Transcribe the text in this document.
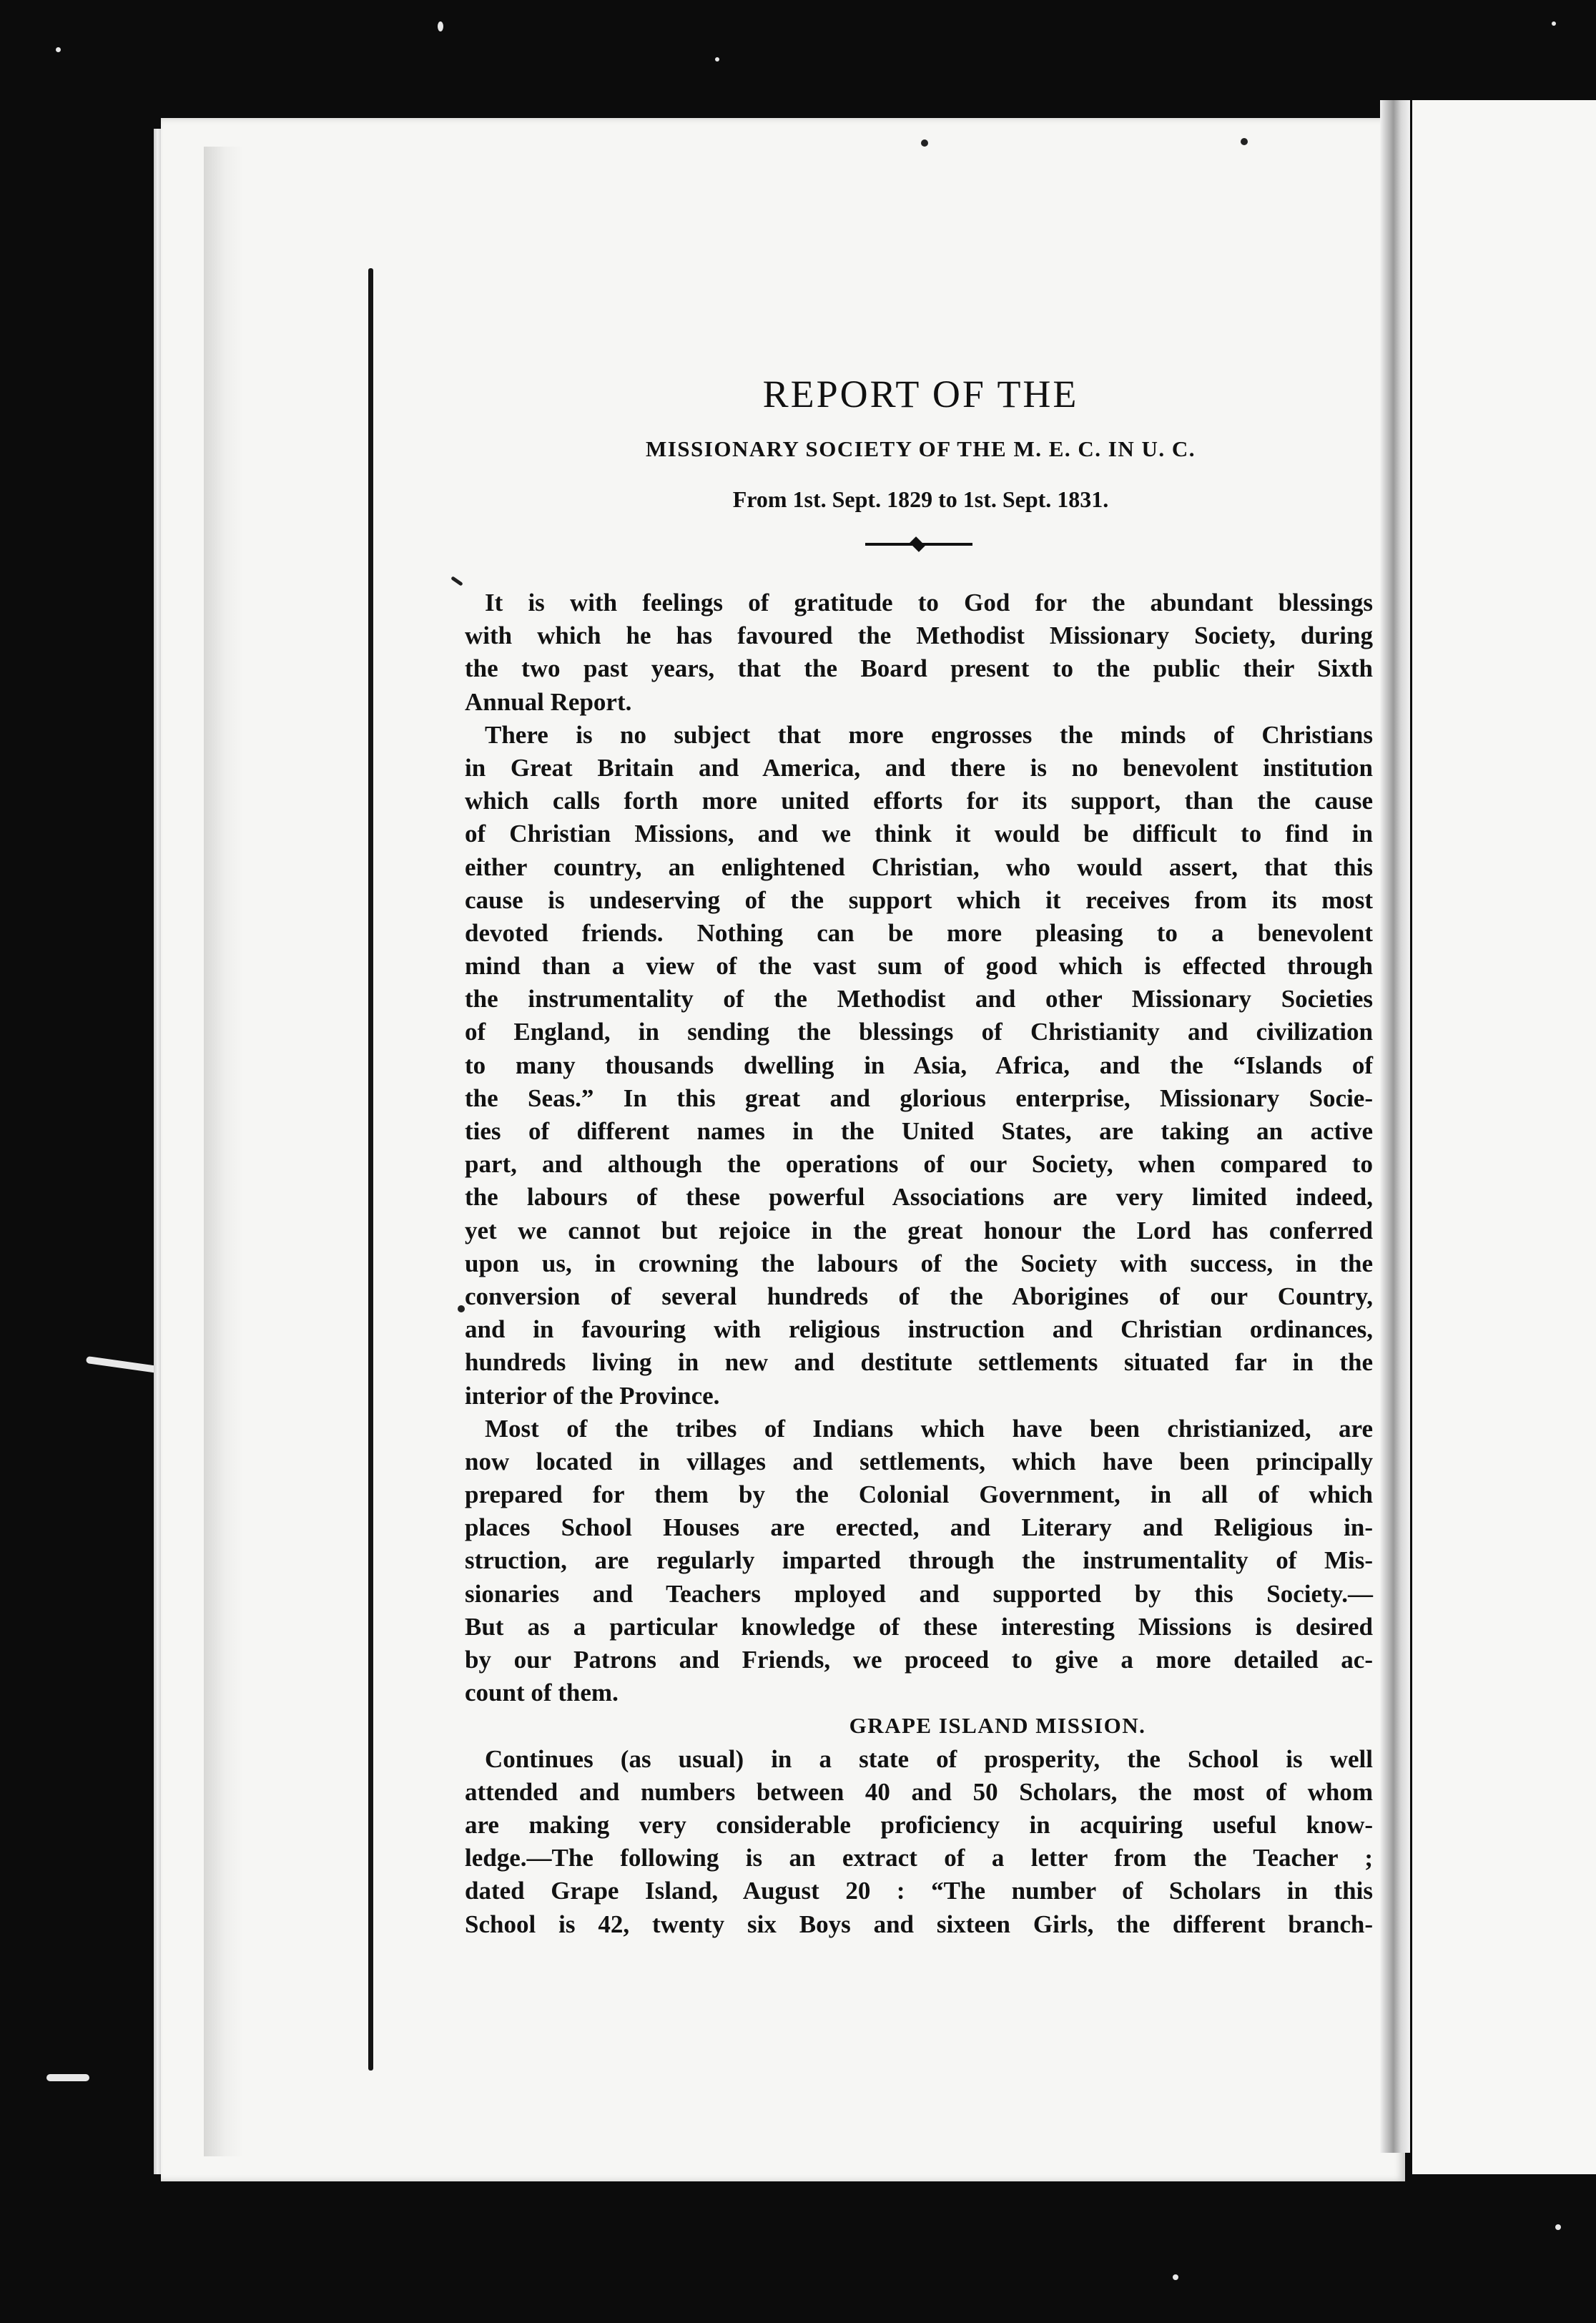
REPORT OF THE
MISSIONARY SOCIETY OF THE M. E. C. IN U. C.
From 1st. Sept. 1829 to 1st. Sept. 1831.
It is with feelings of gratitude to God for the abundant blessings
with which he has favoured the Methodist Missionary Society, during
the two past years, that the Board present to the public their Sixth
Annual Report.
There is no subject that more engrosses the minds of Christians
in Great Britain and America, and there is no benevolent institution
which calls forth more united efforts for its support, than the cause
of Christian Missions, and we think it would be difficult to find in
either country, an enlightened Christian, who would assert, that this
cause is undeserving of the support which it receives from its most
devoted friends. Nothing can be more pleasing to a benevolent
mind than a view of the vast sum of good which is effected through
the instrumentality of the Methodist and other Missionary Societies
of England, in sending the blessings of Christianity and civilization
to many thousands dwelling in Asia, Africa, and the “Islands of
the Seas.” In this great and glorious enterprise, Missionary Socie-
ties of different names in the United States, are taking an active
part, and although the operations of our Society, when compared to
the labours of these powerful Associations are very limited indeed,
yet we cannot but rejoice in the great honour the Lord has conferred
upon us, in crowning the labours of the Society with success, in the
conversion of several hundreds of the Aborigines of our Country,
and in favouring with religious instruction and Christian ordinances,
hundreds living in new and destitute settlements situated far in the
interior of the Province.
Most of the tribes of Indians which have been christianized, are
now located in villages and settlements, which have been principally
prepared for them by the Colonial Government, in all of which
places School Houses are erected, and Literary and Religious in-
struction, are regularly imparted through the instrumentality of Mis-
sionaries and Teachers mployed and supported by this Society.—
But as a particular knowledge of these interesting Missions is desired
by our Patrons and Friends, we proceed to give a more detailed ac-
count of them.
GRAPE ISLAND MISSION.
Continues (as usual) in a state of prosperity, the School is well
attended and numbers between 40 and 50 Scholars, the most of whom
are making very considerable proficiency in acquiring useful know-
ledge.—The following is an extract of a letter from the Teacher ;
dated Grape Island, August 20 : “The number of Scholars in this
School is 42, twenty six Boys and sixteen Girls, the different branch-
